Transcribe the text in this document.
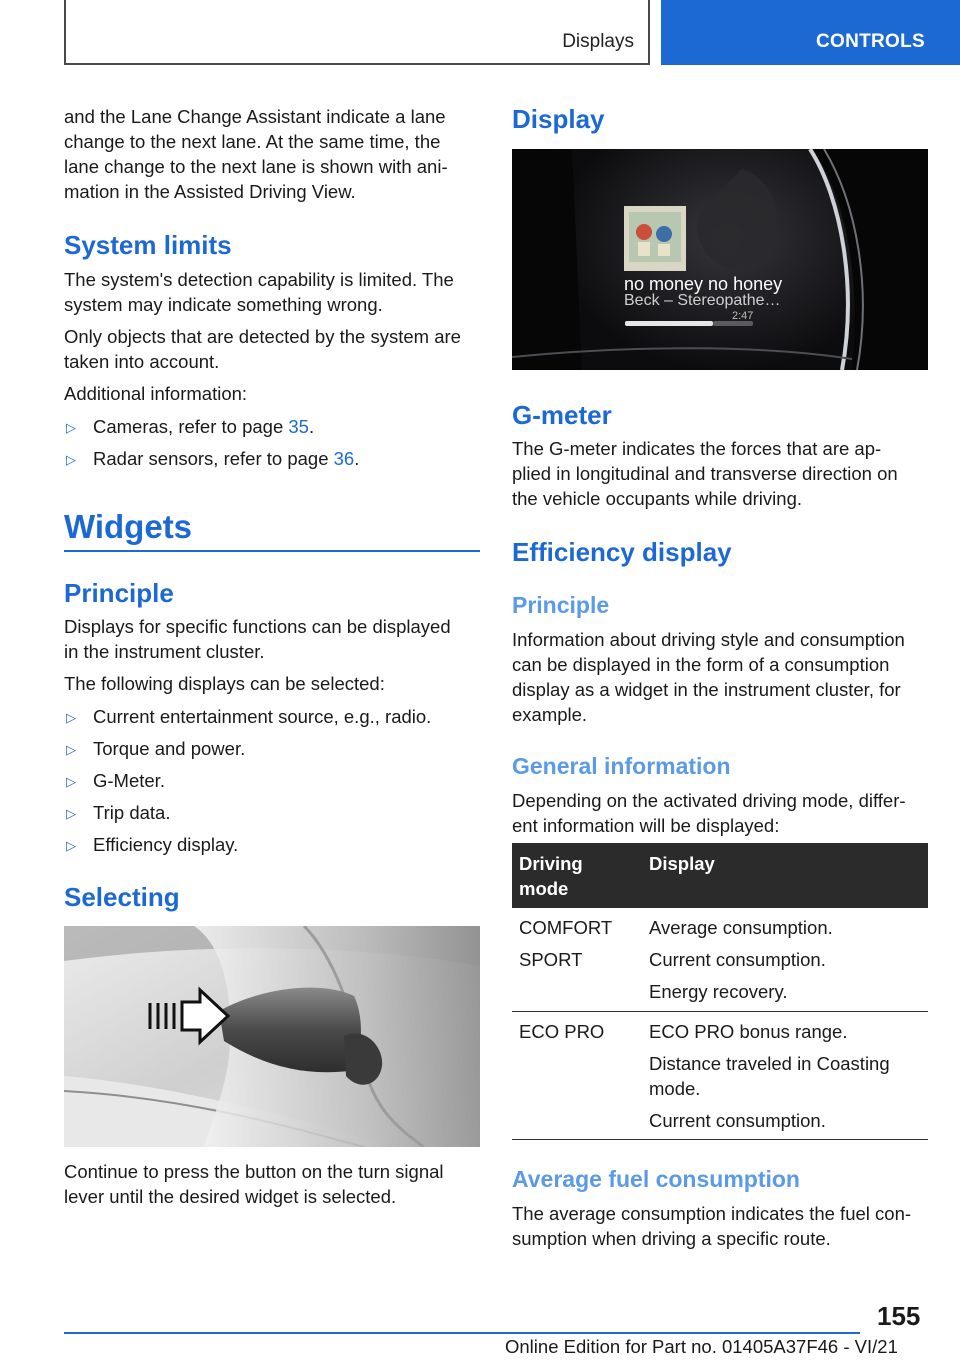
Displays	CONTROLS

and the Lane Change Assistant indicate a lane

change to the next lane. At the same time, the

lane change to the next lane is shown with ani-

mation in the Assisted Driving View.

System limits

The system's detection capability is limited. The

system may indicate something wrong.

Only objects that are detected by the system are

taken into account.

Additional information:

▷ Cameras, refer to page 35.
▷ Radar sensors, refer to page 36.
Widgets
Principle

Displays for specific functions can be displayed

in the instrument cluster.

The following displays can be selected:

▷ Current entertainment source, e.g., radio.
▷ Torque and power.
▷ G-Meter.
▷ Trip data.
▷ Efficiency display.
Selecting

Continue to press the button on the turn signal

lever until the desired widget is selected.

Display
no money no honey
Beck – Stereopathe…
2:47
G-meter

The G-meter indicates the forces that are ap-

plied in longitudinal and transverse direction on

the vehicle occupants while driving.

Efficiency display
Principle

Information about driving style and consumption

can be displayed in the form of a consumption

display as a widget in the instrument cluster, for

example.

General information

Depending on the activated driving mode, differ-

ent information will be displayed:

Driving
mode
Display
COMFORT
SPORT
Average consumption.
Current consumption.
Energy recovery.
ECO PRO ECO PRO bonus range.
Distance traveled in Coasting
mode.
Current consumption.
Average fuel consumption

The average consumption indicates the fuel con-

sumption when driving a specific route.

155
Online Edition for Part no. 01405A37F46 - VI/21
